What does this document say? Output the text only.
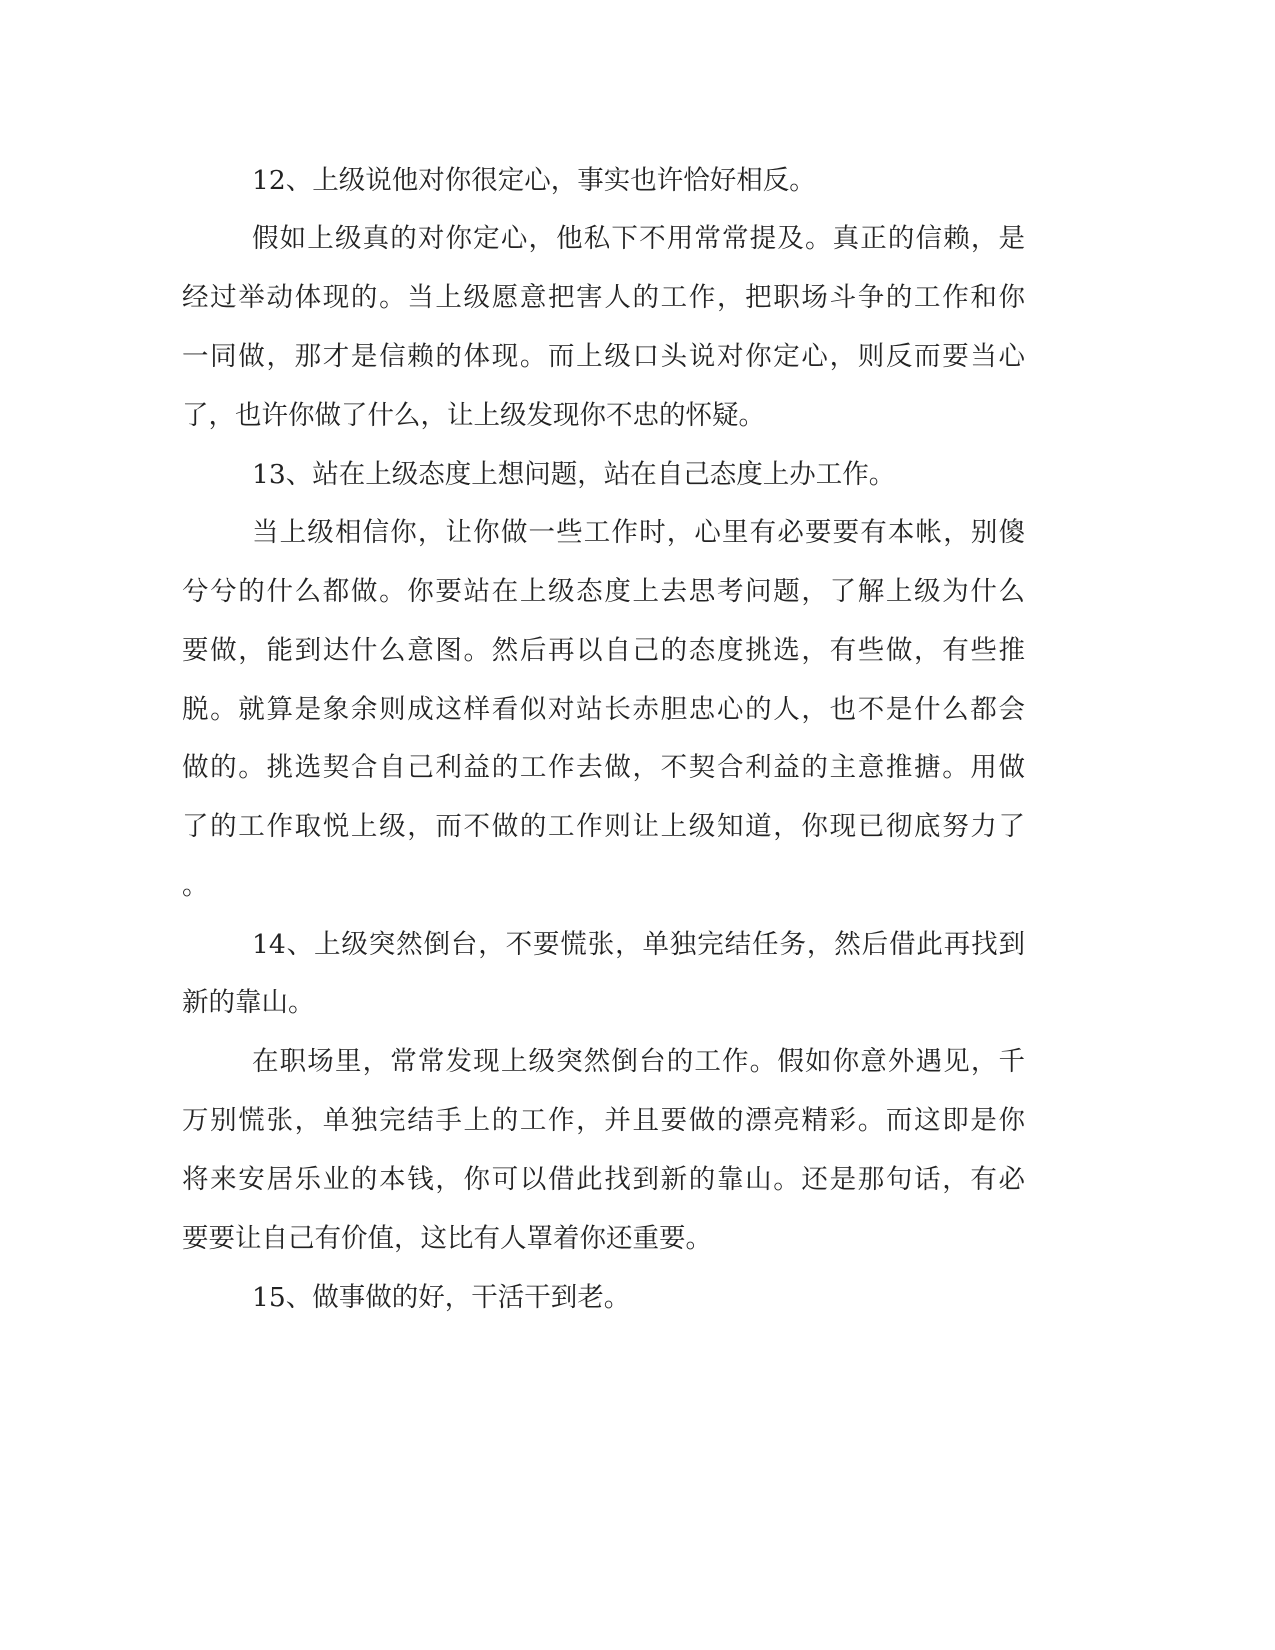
12、上级说他对你很定心，事实也许恰好相反。

假如上级真的对你定心，他私下不用常常提及。真正的信赖，是

经过举动体现的。当上级愿意把害人的工作，把职场斗争的工作和你

一同做，那才是信赖的体现。而上级口头说对你定心，则反而要当心

了，也许你做了什么，让上级发现你不忠的怀疑。

13、站在上级态度上想问题，站在自己态度上办工作。

当上级相信你，让你做一些工作时，心里有必要要有本帐，别傻

兮兮的什么都做。你要站在上级态度上去思考问题，了解上级为什么

要做，能到达什么意图。然后再以自己的态度挑选，有些做，有些推

脱。就算是象余则成这样看似对站长赤胆忠心的人，也不是什么都会

做的。挑选契合自己利益的工作去做，不契合利益的主意推搪。用做

了的工作取悦上级，而不做的工作则让上级知道，你现已彻底努力了

。

14、上级突然倒台，不要慌张，单独完结任务，然后借此再找到

新的靠山。

在职场里，常常发现上级突然倒台的工作。假如你意外遇见，千

万别慌张，单独完结手上的工作，并且要做的漂亮精彩。而这即是你

将来安居乐业的本钱，你可以借此找到新的靠山。还是那句话，有必

要要让自己有价值，这比有人罩着你还重要。

15、做事做的好，干活干到老。
